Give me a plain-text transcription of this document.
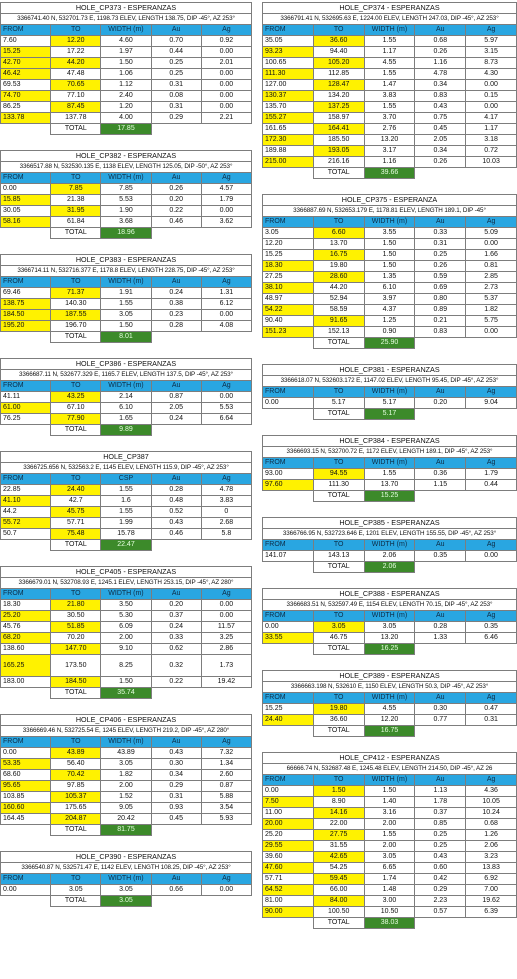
HOLE_CP373 - ESPERANZAS				
3366741.40 N, 532701.73 E, 1198.73 ELEV, LENGTH 138.75, DIP -45°, AZ 253°				
FROM	TO	WIDTH (m)	Au	Ag
7.60	12.20	4.60	0.70	0.92
15.25	17.22	1.97	0.44	0.00
42.70	44.20	1.50	0.25	2.01
46.42	47.48	1.06	0.25	0.00
69.53	70.65	1.12	0.31	0.00
74.70	77.10	2.40	0.08	0.00
86.25	87.45	1.20	0.31	0.00
133.78	137.78	4.00	0.29	2.21
	TOTAL	17.85		
HOLE_CP382 - ESPERANZAS				
3366517.88 N, 532530.135 E, 1138 ELEV, LENGTH 125.05, DIP -50°, AZ 253°				
FROM	TO	WIDTH (m)	Au	Ag
0.00	7.85	7.85	0.26	4.57
15.85	21.38	5.53	0.20	1.79
30.05	31.95	1.90	0.22	0.00
58.16	61.84	3.68	0.46	3.62
	TOTAL	18.96		
HOLE_CP383 - ESPERANZAS				
3366714.11 N, 532716.377 E, 1178.8 ELEV, LENGTH 228.75, DIP -45°, AZ 253°				
FROM	TO	WIDTH (m)	Au	Ag
69.46	71.37	1.91	0.24	1.31
138.75	140.30	1.55	0.38	6.12
184.50	187.55	3.05	0.23	0.00
195.20	196.70	1.50	0.28	4.08
	TOTAL	8.01		
HOLE_CP386 - ESPERANZAS				
3366687.11 N, 532677.329 E, 1165.7 ELEV, LENGTH 137.5, DIP -45°, AZ 253°				
FROM	TO	WIDTH (m)	Au	Ag
41.11	43.25	2.14	0.87	0.00
61.00	67.10	6.10	2.05	5.53
76.25	77.90	1.65	0.24	6.64
	TOTAL	9.89		
HOLE_CP387				
3366725.656 N, 532563.2 E, 1145 ELEV, LENGTH 115.9, DIP -45°, AZ 253°				
FROM	TO	CSP	Au	Ag
22.85	24.40	1.55	0.28	4.78
41.10	42.7	1.6	0.48	3.83
44.2	45.75	1.55	0.52	0
55.72	57.71	1.99	0.43	2.68
50.7	75.48	15.78	0.46	5.8
	TOTAL	22.47		
HOLE_CP405 - ESPERANZAS				
3366679.01 N, 532708.93 E, 1245.1 ELEV, LENGTH 253.15, DIP -45°, AZ 280°				
FROM	TO	WIDTH (m)	Au	Ag
18.30	21.80	3.50	0.20	0.00
25.20	30.50	5.30	0.37	0.00
45.76	51.85	6.09	0.24	11.57
68.20	70.20	2.00	0.33	3.25
138.60	147.70	9.10	0.62	2.86
165.25	173.50	8.25	0.32	1.73
183.00	184.50	1.50	0.22	19.42
	TOTAL	35.74		
HOLE_CP406 - ESPERANZAS				
3366669.46 N, 532725.54 E, 1245 ELEV, LENGTH 219.2, DIP -45°, AZ 280°				
FROM	TO	WIDTH (m)	Au	Ag
0.00	43.89	43.89	0.43	7.32
53.35	56.40	3.05	0.30	1.34
68.60	70.42	1.82	0.34	2.60
95.65	97.85	2.00	0.29	0.87
103.85	105.37	1.52	0.31	5.88
160.60	175.65	9.05	0.93	3.54
164.45	204.87	20.42	0.45	5.93
	TOTAL	81.75		
HOLE_CP390 - ESPERANZAS				
3366540.87 N, 532571.47 E, 1142 ELEV, LENGTH 108.25, DIP -45°, AZ 253°				
FROM	TO	WIDTH (m)	Au	Ag
0.00	3.05	3.05	0.66	0.00
	TOTAL	3.05		
HOLE_CP374 - ESPERANZAS				
3366791.41 N, 532695.63 E, 1224.00 ELEV, LENGTH 247.03, DIP -45°, AZ 253°				
FROM	TO	WIDTH (m)	Au	Ag
35.05	36.60	1.55	0.68	5.97
93.23	94.40	1.17	0.26	3.15
100.65	105.20	4.55	1.16	8.73
111.30	112.85	1.55	4.78	4.30
127.00	128.47	1.47	0.34	0.00
130.37	134.20	3.83	0.83	0.15
135.70	137.25	1.55	0.43	0.00
155.27	158.97	3.70	0.75	4.17
161.65	164.41	2.76	0.45	1.17
172.30	185.50	13.20	2.05	3.18
189.88	193.05	3.17	0.34	0.72
215.00	216.16	1.16	0.26	10.03
	TOTAL	39.66		
HOLE_CP375 - ESPERANZA				
3366887.69 N, 532653.179 E, 1178.81 ELEV, LENGTH 189.1, DIP -45°				
FROM	TO	WIDTH (m)	Au	Ag
3.05	6.60	3.55	0.33	5.09
12.20	13.70	1.50	0.31	0.00
15.25	16.75	1.50	0.25	1.66
18.30	19.80	1.50	0.26	0.81
27.25	28.60	1.35	0.59	2.85
38.10	44.20	6.10	0.69	2.73
48.97	52.94	3.97	0.80	5.37
54.22	58.59	4.37	0.89	1.82
90.40	91.65	1.25	0.21	5.75
151.23	152.13	0.90	0.83	0.00
	TOTAL	25.90		
HOLE_CP381 - ESPERANZAS				
3366618.07 N, 532603.172 E, 1147.02 ELEV, LENGTH 95.45, DIP -45°, AZ 253°				
FROM	TO	WIDTH (m)	Au	Ag
0.00	5.17	5.17	0.20	9.04
	TOTAL	5.17		
HOLE_CP384 - ESPERANZAS				
3366693.15 N, 532700.72 E, 1172 ELEV, LENGTH 189.1, DIP -45°, AZ 253°				
FROM	TO	WIDTH (m)	Au	Ag
93.00	94.55	1.55	0.36	1.79
97.60	111.30	13.70	1.15	0.44
	TOTAL	15.25		
HOLE_CP385 - ESPERANZAS				
3366766.95 N, 532723.646 E, 1201 ELEV, LENGTH 155.55, DIP -45°, AZ 253°				
FROM	TO	WIDTH (m)	Au	Ag
141.07	143.13	2.06	0.35	0.00
	TOTAL	2.06		
HOLE_CP388 - ESPERANZAS				
3366683.51 N, 532597.49 E, 1154 ELEV, LENGTH 70.15, DIP -45°, AZ 253°				
FROM	TO	WIDTH (m)	Au	Ag
0.00	3.05	3.05	0.28	0.35
33.55	46.75	13.20	1.33	6.46
	TOTAL	16.25		
HOLE_CP389 - ESPERANZAS				
3366663.198 N, 532610 E, 1150 ELEV, LENGTH 50.3, DIP -45°, AZ 253°				
FROM	TO	WIDTH (m)	Au	Ag
15.25	19.80	4.55	0.30	0.47
24.40	36.60	12.20	0.77	0.31
	TOTAL	16.75		
HOLE_CP412 - ESPERANZAS				
66666.74 N, 532687.48 E, 1245.48 ELEV, LENGTH 214.50, DIP -45°, AZ 26				
FROM	TO	WIDTH (m)	Au	Ag
0.00	1.50	1.50	1.13	4.36
7.50	8.90	1.40	1.78	10.05
11.00	14.16	3.16	0.37	10.24
20.00	22.00	2.00	0.85	0.68
25.20	27.75	1.55	0.25	1.26
29.55	31.55	2.00	0.25	2.06
39.60	42.65	3.05	0.43	3.23
47.60	54.25	6.65	0.60	13.83
57.71	59.45	1.74	0.42	6.92
64.52	66.00	1.48	0.29	7.00
81.00	84.00	3.00	2.23	19.62
90.00	100.50	10.50	0.57	6.39
	TOTAL	38.03		
